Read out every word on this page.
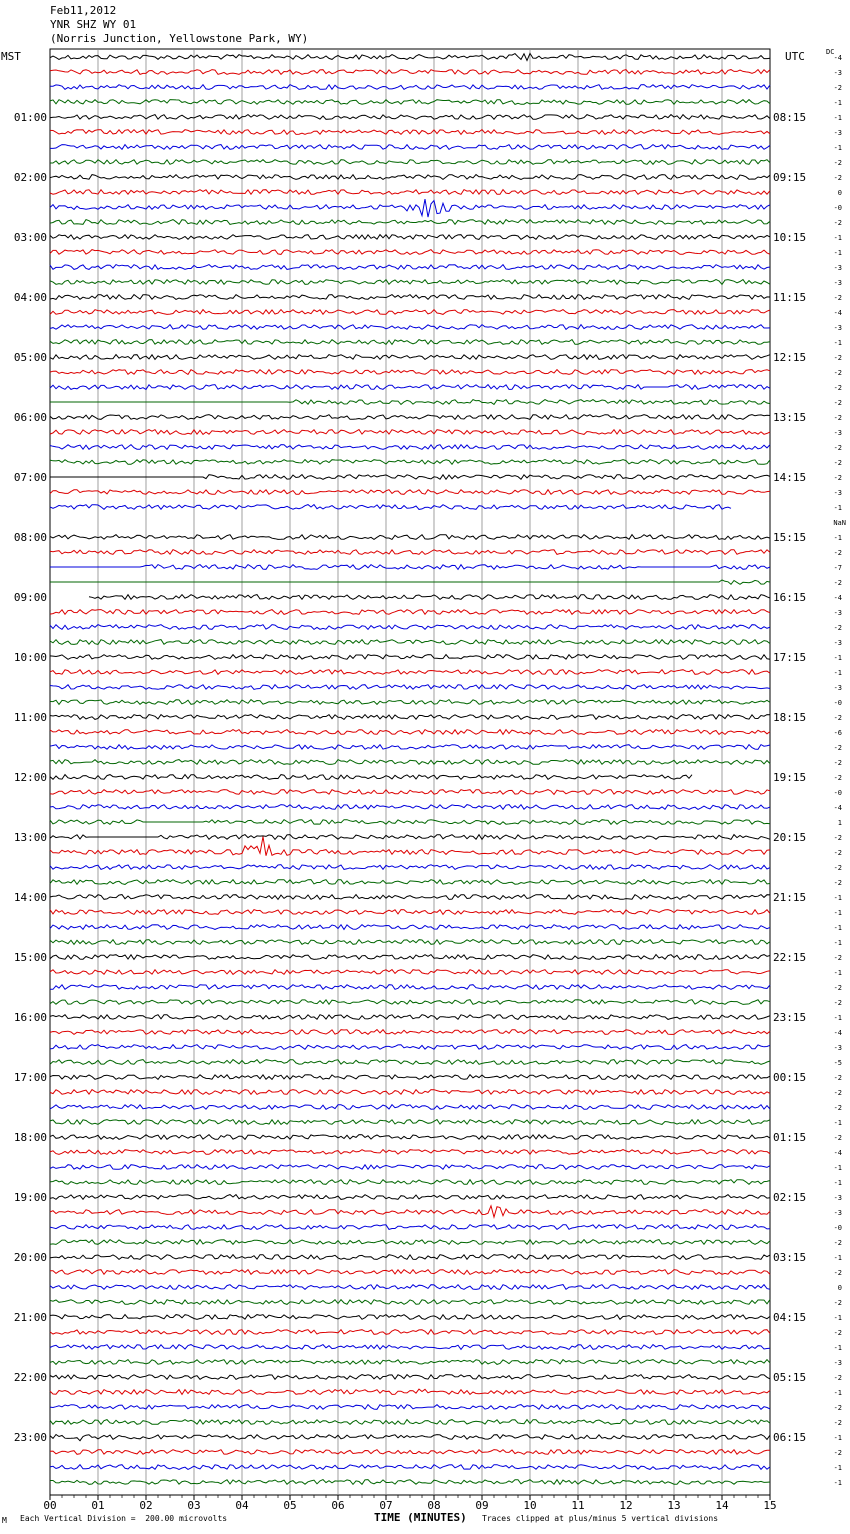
Feb11,2012
YNR SHZ WY 01
(Norris Junction, Yellowstone Park, WY)
MST	UTC	DC
00	01	02	03	04	05	06	07	08	09	10	11	12	13	14	15
-4
-3
-2
-1
-1
01:00	08:15
-3
-1
-2
-2
02:00	09:15
0
-0
-2
-1
03:00	10:15
-1
-3
-3
-2
04:00	11:15
-4
-3
-1
-2
05:00	12:15
-2
-2
-2
-2
06:00	13:15
-3
-2
-2
-2
07:00	14:15
-3
-1
-1
08:00	15:15
-2
-7
-2
-4
09:00	16:15
-3
-2
-3
-1
10:00	17:15
-1
-3
-0
-2
11:00	18:15
-6
-2
-2
-2
12:00	19:15
-0
-4
1
-2
13:00	20:15
-2
-2
-2
-1
14:00	21:15
-1
-1
-1
-2
15:00	22:15
-1
-2
-2
-1
16:00	23:15
-4
-3
-5
-2
17:00	00:15
-2
-2
-1
-2
18:00	01:15
-4
-1
-1
-3
19:00	02:15
-3
-0
-2
-1
20:00	03:15
-2
0
-2
-1
21:00	04:15
-2
-1
-3
-2
22:00	05:15
-1
-2
-2
-1
23:00	06:15
-2
-1
-1
NaN
M Each Vertical Division =  200.00 microvolts	TIME (MINUTES) Traces clipped at plus/minus 5 vertical divisions
